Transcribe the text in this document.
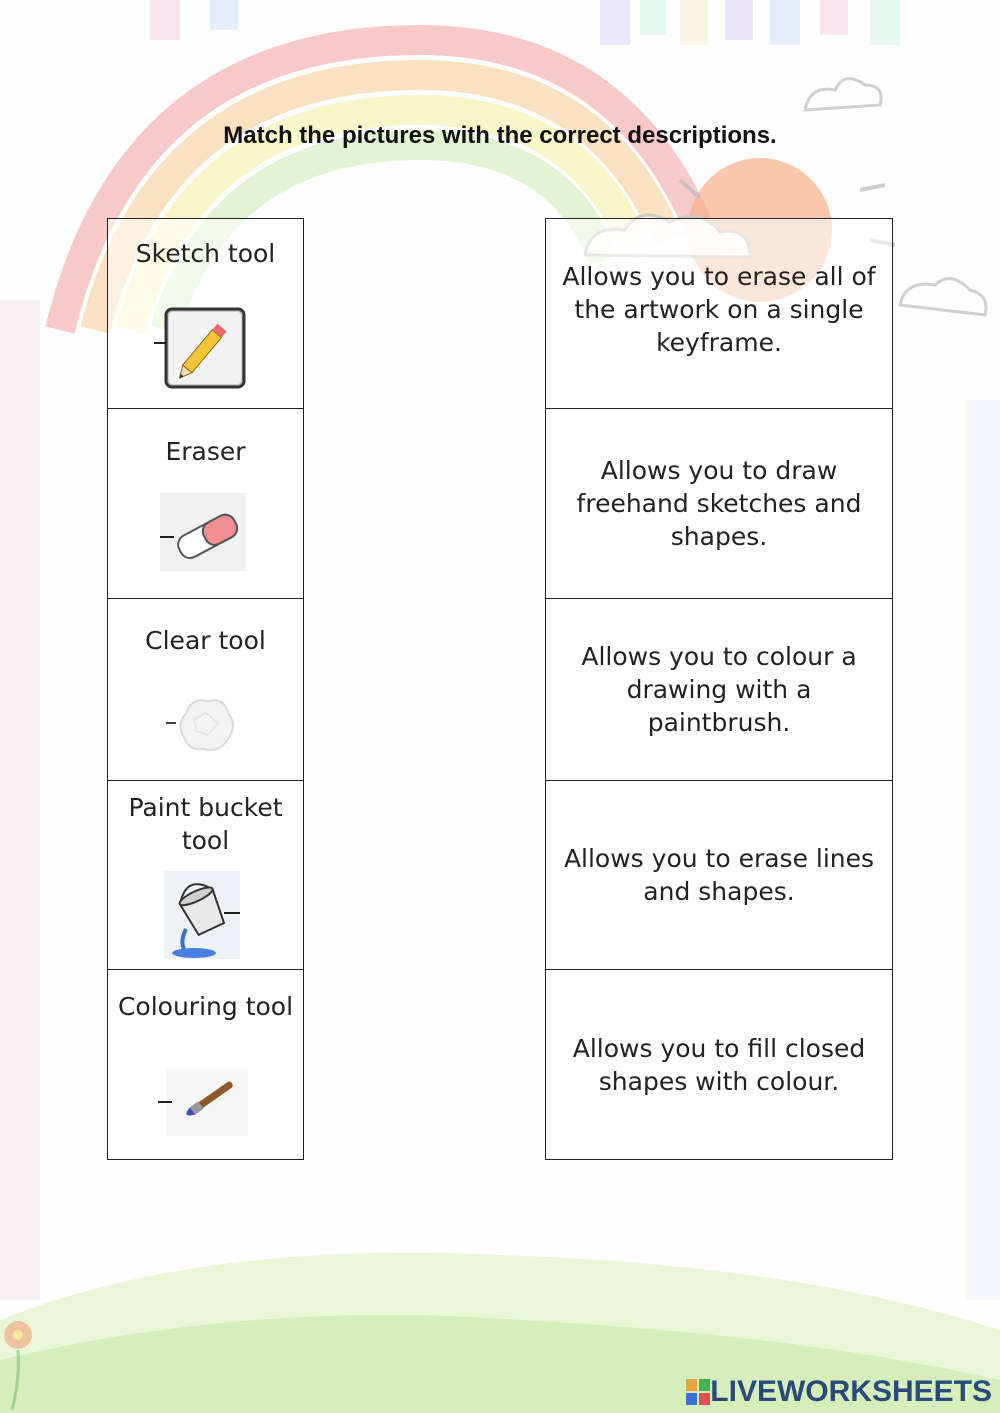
Match the pictures with the correct descriptions.
Sketch tool
Eraser
Clear tool
Paint bucket tool
Colouring tool
Allows you to erase all of the artwork on a single keyframe.
Allows you to draw freehand sketches and shapes.
Allows you to colour a drawing with a paintbrush.
Allows you to erase lines and shapes.
Allows you to fill closed shapes with colour.
LIVEWORKSHEETS
